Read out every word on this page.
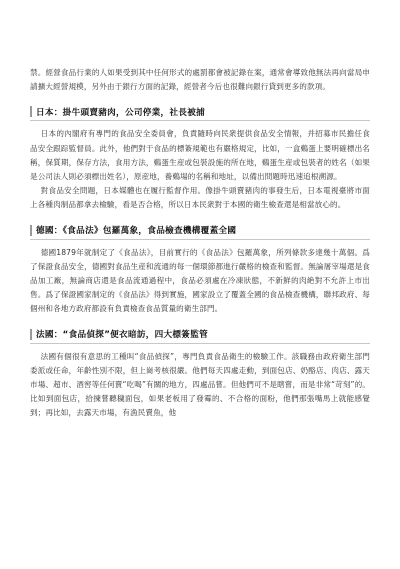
禁。經營食品行業的人如果受到其中任何形式的處罰都會被記錄在案，通常會導致他無法再向當局申請擴大經營規模，另外由于銀行方面的記錄，經營者今后也很難向銀行貸到更多的款項。

日本：掛牛頭賣豬肉，公司停業，社長被捕

日本的內閣府有專門的食品安全委員會，負責隨時向民衆提供食品安全情報，并招募市民擔任食品安全跟踪監督員。此外，他們對于食品的標簽規範也有嚴格規定，比如，一盒鷄蛋上要明確標出名稱，保質期，保存方法，食用方法，鷄蛋生産或包裝設施的所在地，鷄蛋生産或包裝者的姓名（如果是公司法人則必須標出姓名），原産地，養鷄場的名稱和地址，以備出問題時迅速追根溯源。

對食品安全問題，日本媒體也在履行監督作用。像掛牛頭賣豬肉的事發生后，日本電視臺將市面上各種肉制品都拿去檢驗，看是否合格，所以日本民衆對于本國的衛生檢查還是相當放心的。

德國：《食品法》包羅萬象，食品檢查機構覆蓋全國

德國1879年就制定了《食品法》，目前實行的《食品法》包羅萬象，所列條款多達幾十萬個。爲了保證食品安全，德國對食品生産和流通的每一個環節都進行嚴格的檢查和監督。無論屠宰場還是食品加工廠，無論商店還是食品流通過程中，食品必須處在冷凍狀態，不新鮮的肉絶對不允許上市出售。爲了保證國家制定的《食品法》得到實施，國家設立了覆蓋全國的食品檢查機構，聯邦政府、每個州和各地方政府都設有負責檢查食品質量的衛生部門。

法國：“食品偵探”便衣暗訪，四大標簽監管

法國有個很有意思的工種叫“食品偵探”，專門負責食品衛生的檢驗工作。該職務由政府衛生部門委派或任命，年齡性別不限，但上崗考核很嚴。他們每天四處走動，到面包店、奶酪店、肉店、露天市場、超市、酒窖等任何賣“吃喝”有關的地方，四處品嘗。但他們可不是瞎嘗，而是非常“苛刻”的。比如到面包店，拾揀嘗聽穢面包，如果老板用了發霉的、不合格的面粉，他們那張嘴馬上就能感覺到；再比如，去露天市場，有漁民賣魚，他
